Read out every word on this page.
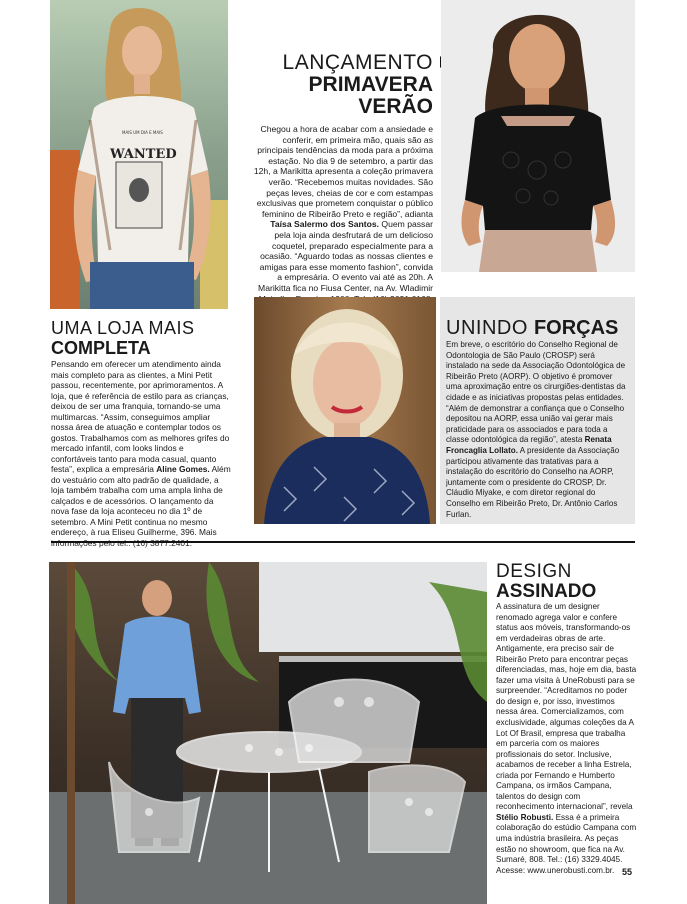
WANTED
MAIS UM DIA E MAIS
LANÇAMENTO
PRIMAVERA
VERÃO

Chegou a hora de acabar com a ansiedade e conferir, em primeira mão, quais são as principais tendências da moda para a próxima estação. No dia 9 de setembro, a partir das 12h, a Marikitta apresenta a coleção primavera verão. “Recebemos muitas novidades. São peças leves, cheias de cor e com estampas exclusivas que prometem conquistar o público feminino de Ribeirão Preto e região”, adianta Taísa Salermo dos Santos. Quem passar pela loja ainda desfrutará de um delicioso coquetel, preparado especialmente para a ocasião. “Aguardo todas as nossas clientes e amigas para esse momento fashion”, convida a empresária. O evento vai até as 20h. A Marikitta fica no Fiusa Center, na Av. Wladimir

UNINDO FORÇAS

Em breve, o escritório do Conselho Regional de Odontologia de São Paulo (CROSP) será instalado na sede da Associação Odontológica de Ribeirão Preto (AORP). O objetivo é promover uma aproximação entre os cirurgiões-dentistas da cidade e as iniciativas propostas pelas entidades. “Além de demonstrar a confiança que o Conselho depositou na AORP, essa união vai gerar mais praticidade para os associados e para toda a classe odontológica da região”, atesta Renata Froncaglia Lollato. A presidente da Associação participou ativamente das tratativas para a instalação do escritório do Conselho na AORP, juntamente com o presidente do CROSP, Dr. Cláudio Miyake, e com diretor regional do Conselho em Ribeirão Preto, Dr. Antônio Carlos Furlan.

UMA LOJA MAIS
COMPLETA

Pensando em oferecer um atendimento ainda mais completo para as clientes, a Mini Petit passou, recentemente, por aprimoramentos. A loja, que é referência de estilo para as crianças, deixou de ser uma franquia, tornando-se uma multimarcas. “Assim, conseguimos ampliar nossa área de atuação e contemplar todos os gostos. Trabalhamos com as melhores grifes do mercado infantil, com looks lindos e confortáveis tanto para moda casual, quanto festa”, explica a empresária Aline Gomes. Além do vestuário com alto padrão de qualidade, a loja também trabalha com uma ampla linha de calçados e de acessórios. O lançamento da nova fase da loja aconteceu no dia 1º de setembro. A Mini Petit continua no mesmo endereço, à rua Eliseu Guilherme, 396. Mais

DESIGN
ASSINADO

A assinatura de um designer renomado agrega valor e confere status aos móveis, transformando-os em verdadeiras obras de arte. Antigamente, era preciso sair de Ribeirão Preto para encontrar peças diferenciadas, mas, hoje em dia, basta fazer uma visita à UneRobusti para se surpreender. “Acreditamos no poder do design e, por isso, investimos nessa área. Comercializamos, com exclusividade, algumas coleções da A Lot Of Brasil, empresa que trabalha em parceria com os maiores profissionais do setor. Inclusive, acabamos de receber a linha Estrela, criada por Fernando e Humberto Campana, os irmãos Campana, talentos do design com reconhecimento internacional”, revela Stélio Robusti. Essa é a primeira colaboração do estúdio Campana com uma indústria brasileira. As peças estão no showroom, que fica na Av. Sumaré, 808. Tel.: (16) 3329.4045. Acesse: www.unerobusti.com.br. 55
